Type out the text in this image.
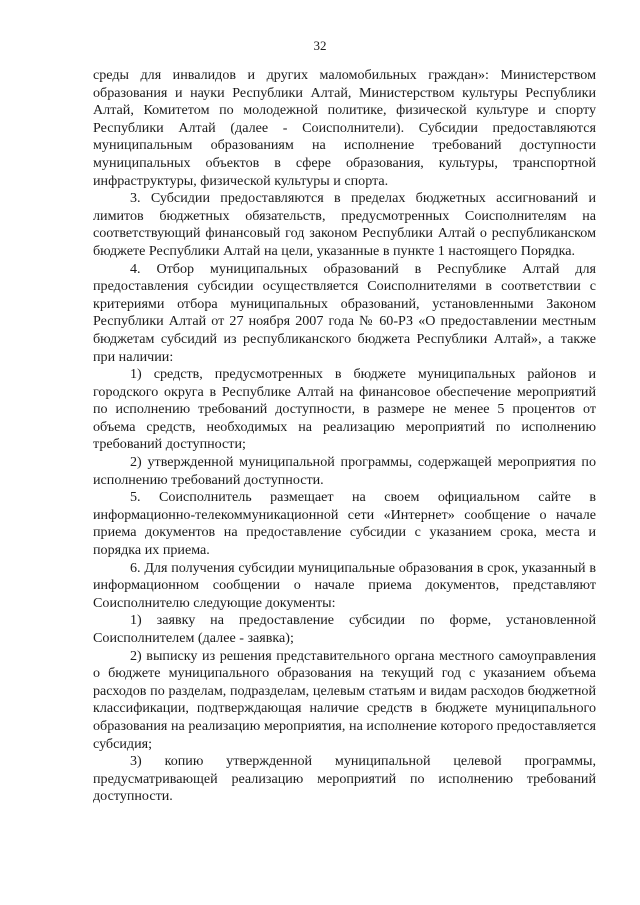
32

среды для инвалидов и других маломобильных граждан»: Министерством образования и науки Республики Алтай, Министерством культуры Республики Алтай, Комитетом по молодежной политике, физической культуре и спорту Республики Алтай (далее - Соисполнители). Субсидии предоставляются муниципальным образованиям на исполнение требований доступности муниципальных объектов в сфере образования, культуры, транспортной инфраструктуры, физической культуры и спорта.

3. Субсидии предоставляются в пределах бюджетных ассигнований и лимитов бюджетных обязательств, предусмотренных Соисполнителям на соответствующий финансовый год законом Республики Алтай о республиканском бюджете Республики Алтай на цели, указанные в пункте 1 настоящего Порядка.

4. Отбор муниципальных образований в Республике Алтай для предоставления субсидии осуществляется Соисполнителями в соответствии с критериями отбора муниципальных образований, установленными Законом Республики Алтай от 27 ноября 2007 года № 60-РЗ «О предоставлении местным бюджетам субсидий из республиканского бюджета Республики Алтай», а также при наличии:

1) средств, предусмотренных в бюджете муниципальных районов и городского округа в Республике Алтай на финансовое обеспечение мероприятий по исполнению требований доступности, в размере не менее 5 процентов от объема средств, необходимых на реализацию мероприятий по исполнению требований доступности;

2) утвержденной муниципальной программы, содержащей мероприятия по исполнению требований доступности.

5. Соисполнитель размещает на своем официальном сайте в информационно-телекоммуникационной сети «Интернет» сообщение о начале приема документов на предоставление субсидии с указанием срока, места и порядка их приема.

6. Для получения субсидии муниципальные образования в срок, указанный в информационном сообщении о начале приема документов, представляют Соисполнителю следующие документы:

1) заявку на предоставление субсидии по форме, установленной Соисполнителем (далее - заявка);

2) выписку из решения представительного органа местного самоуправления о бюджете муниципального образования на текущий год с указанием объема расходов по разделам, подразделам, целевым статьям и видам расходов бюджетной классификации, подтверждающая наличие средств в бюджете муниципального образования на реализацию мероприятия, на исполнение которого предоставляется субсидия;

3) копию утвержденной муниципальной целевой программы, предусматривающей реализацию мероприятий по исполнению требований доступности.
